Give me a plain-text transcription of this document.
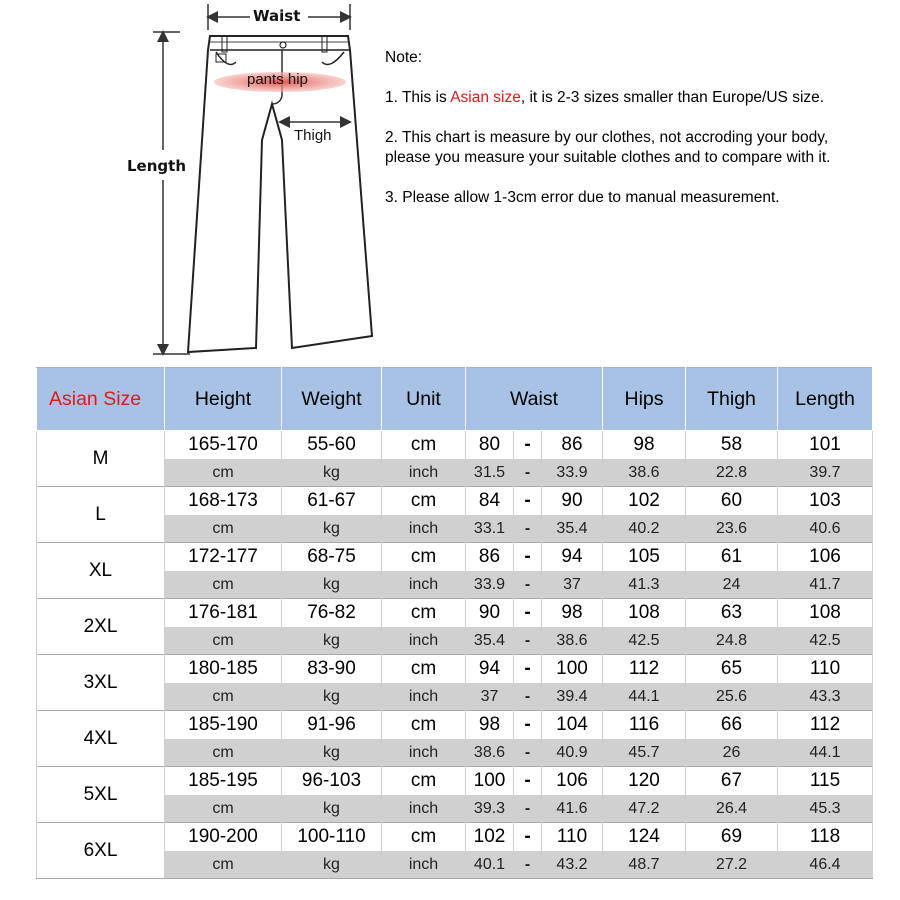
Waist
Length
pants hip
Thigh

Note:

1. This is Asian size, it is 2-3 sizes smaller than Europe/US size.

2. This chart is measure by our clothes, not accroding your body,
please you measure your suitable clothes and to compare with it.

3. Please allow 1-3cm error due to manual measurement.

Asian Size	Height	Weight	Unit	Waist			Hips	Thigh	Length
M	165-170	55-60	cm	80	-	86	98	58	101
	cm	kg	inch	31.5	-	33.9	38.6	22.8	39.7
L	168-173	61-67	cm	84	-	90	102	60	103
	cm	kg	inch	33.1	-	35.4	40.2	23.6	40.6
XL	172-177	68-75	cm	86	-	94	105	61	106
	cm	kg	inch	33.9	-	37	41.3	24	41.7
2XL	176-181	76-82	cm	90	-	98	108	63	108
	cm	kg	inch	35.4	-	38.6	42.5	24.8	42.5
3XL	180-185	83-90	cm	94	-	100	112	65	110
	cm	kg	inch	37	-	39.4	44.1	25.6	43.3
4XL	185-190	91-96	cm	98	-	104	116	66	112
	cm	kg	inch	38.6	-	40.9	45.7	26	44.1
5XL	185-195	96-103	cm	100	-	106	120	67	115
	cm	kg	inch	39.3	-	41.6	47.2	26.4	45.3
6XL	190-200	100-110	cm	102	-	110	124	69	118
	cm	kg	inch	40.1	-	43.2	48.7	27.2	46.4
